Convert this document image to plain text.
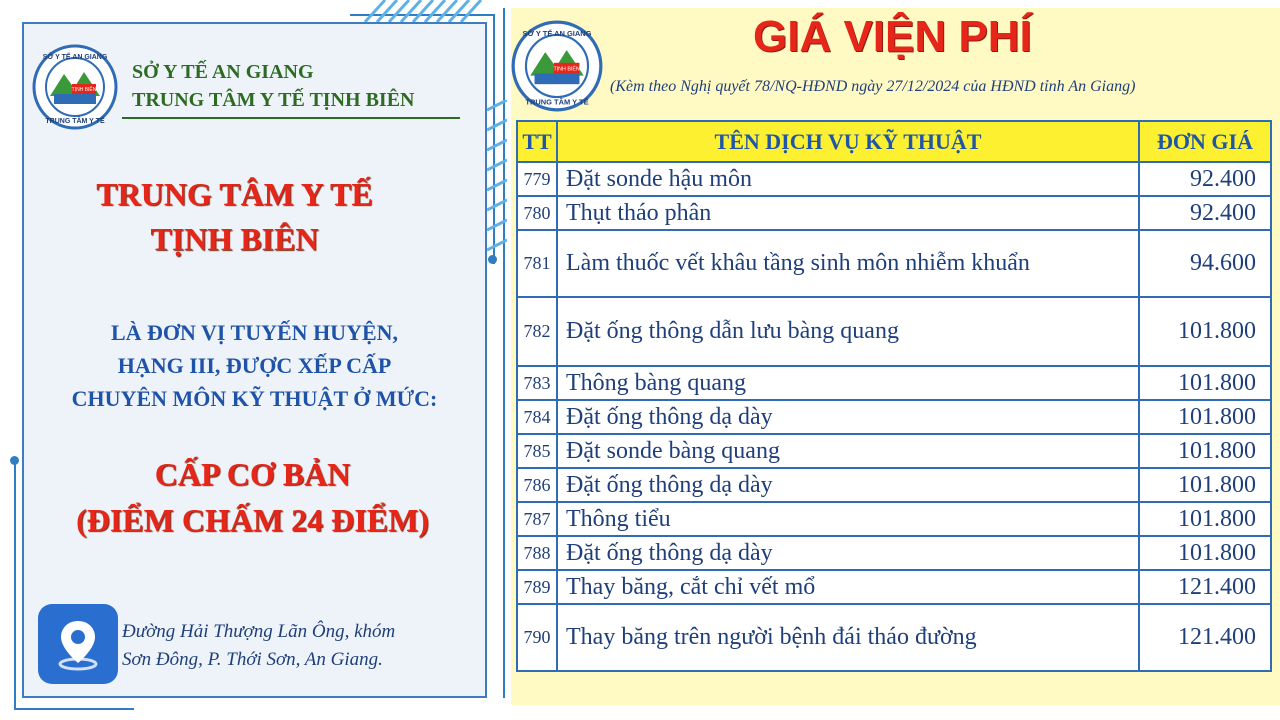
TỊNH BIÊN
SỞ Y TẾ AN GIANG
TRUNG TÂM Y TẾ
SỞ Y TẾ AN GIANG
TRUNG TÂM Y TẾ TỊNH BIÊN
TRUNG TÂM Y TẾ
TỊNH BIÊN
LÀ ĐƠN VỊ TUYẾN HUYỆN,
HẠNG III, ĐƯỢC XẾP CẤP
CHUYÊN MÔN KỸ THUẬT Ở MỨC:
CẤP CƠ BẢN
(ĐIỂM CHẤM 24 ĐIỂM)
Đường Hải Thượng Lãn Ông, khóm
Sơn Đông, P. Thới Sơn, An Giang.
TỊNH BIÊN
SỞ Y TẾ AN GIANG
TRUNG TÂM Y TẾ
GIÁ VIỆN PHÍ
(Kèm theo Nghị quyết 78/NQ-HĐND ngày 27/12/2024 của HĐND tỉnh An Giang)
TT	TÊN DỊCH VỤ KỸ THUẬT	ĐƠN GIÁ
779	Đặt sonde hậu môn	92.400
780	Thụt tháo phân	92.400
781	Làm thuốc vết khâu tầng sinh môn nhiễm khuẩn	94.600
782	Đặt ống thông dẫn lưu bàng quang	101.800
783	Thông bàng quang	101.800
784	Đặt ống thông dạ dày	101.800
785	Đặt sonde bàng quang	101.800
786	Đặt ống thông dạ dày	101.800
787	Thông tiểu	101.800
788	Đặt ống thông dạ dày	101.800
789	Thay băng, cắt chỉ vết mổ	121.400
790	Thay băng trên người bệnh đái tháo đường	121.400
